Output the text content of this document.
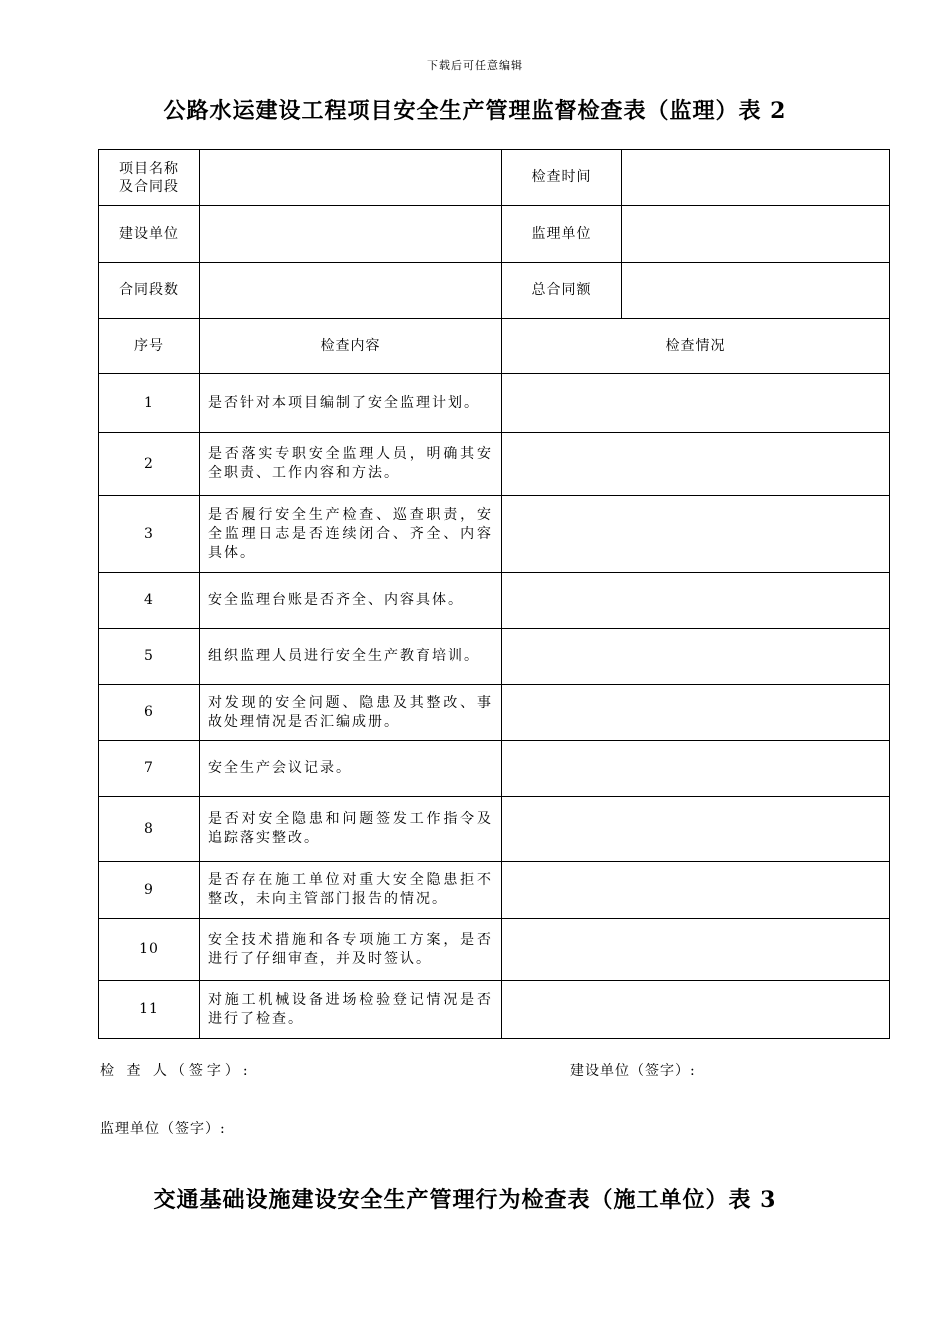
下载后可任意编辑
公路水运建设工程项目安全生产管理监督检查表（监理）表 2
项目名称
及合同段		检查时间	
建设单位		监理单位	
合同段数		总合同额	
序号	检查内容	检查情况	
1	是否针对本项目编制了安全监理计划。		
2	是否落实专职安全监理人员，明确其安全职责、工作内容和方法。		
3	是否履行安全生产检查、巡查职责，安全监理日志是否连续闭合、齐全、内容具体。		
4	安全监理台账是否齐全、内容具体。		
5	组织监理人员进行安全生产教育培训。		
6	对发现的安全问题、隐患及其整改、事故处理情况是否汇编成册。		
7	安全生产会议记录。		
8	是否对安全隐患和问题签发工作指令及追踪落实整改。		
9	是否存在施工单位对重大安全隐患拒不整改，未向主管部门报告的情况。		
10	安全技术措施和各专项施工方案，是否进行了仔细审查，并及时签认。		
11	对施工机械设备进场检验登记情况是否进行了检查。		
检 查 人（签字）:	建设单位（签字）:
监理单位（签字）:
交通基础设施建设安全生产管理行为检查表（施工单位）表 3
